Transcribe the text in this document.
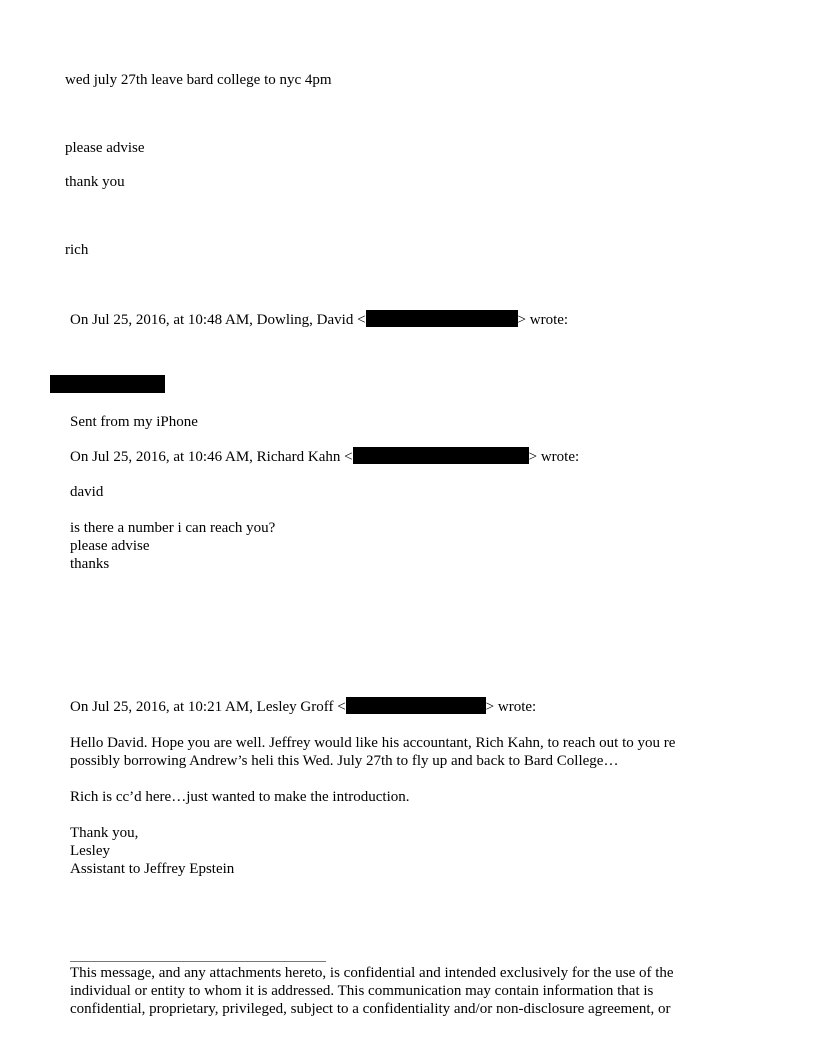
wed july 27th leave bard college to nyc 4pm
please advise
thank you
rich
On Jul 25, 2016, at 10:48 AM, Dowling, David <	> wrote:
Sent from my iPhone
On Jul 25, 2016, at 10:46 AM, Richard Kahn <	> wrote:
david
is there a number i can reach you?
please advise
thanks
On Jul 25, 2016, at 10:21 AM, Lesley Groff <	> wrote:
Hello David. Hope you are well. Jeffrey would like his accountant, Rich Kahn, to reach out to you re
possibly borrowing Andrew’s heli this Wed. July 27th to fly up and back to Bard College…
Rich is cc’d here…just wanted to make the introduction.
Thank you,
Lesley
Assistant to Jeffrey Epstein
This message, and any attachments hereto, is confidential and intended exclusively for the use of the
individual or entity to whom it is addressed. This communication may contain information that is
confidential, proprietary, privileged, subject to a confidentiality and/or non-disclosure agreement, or
